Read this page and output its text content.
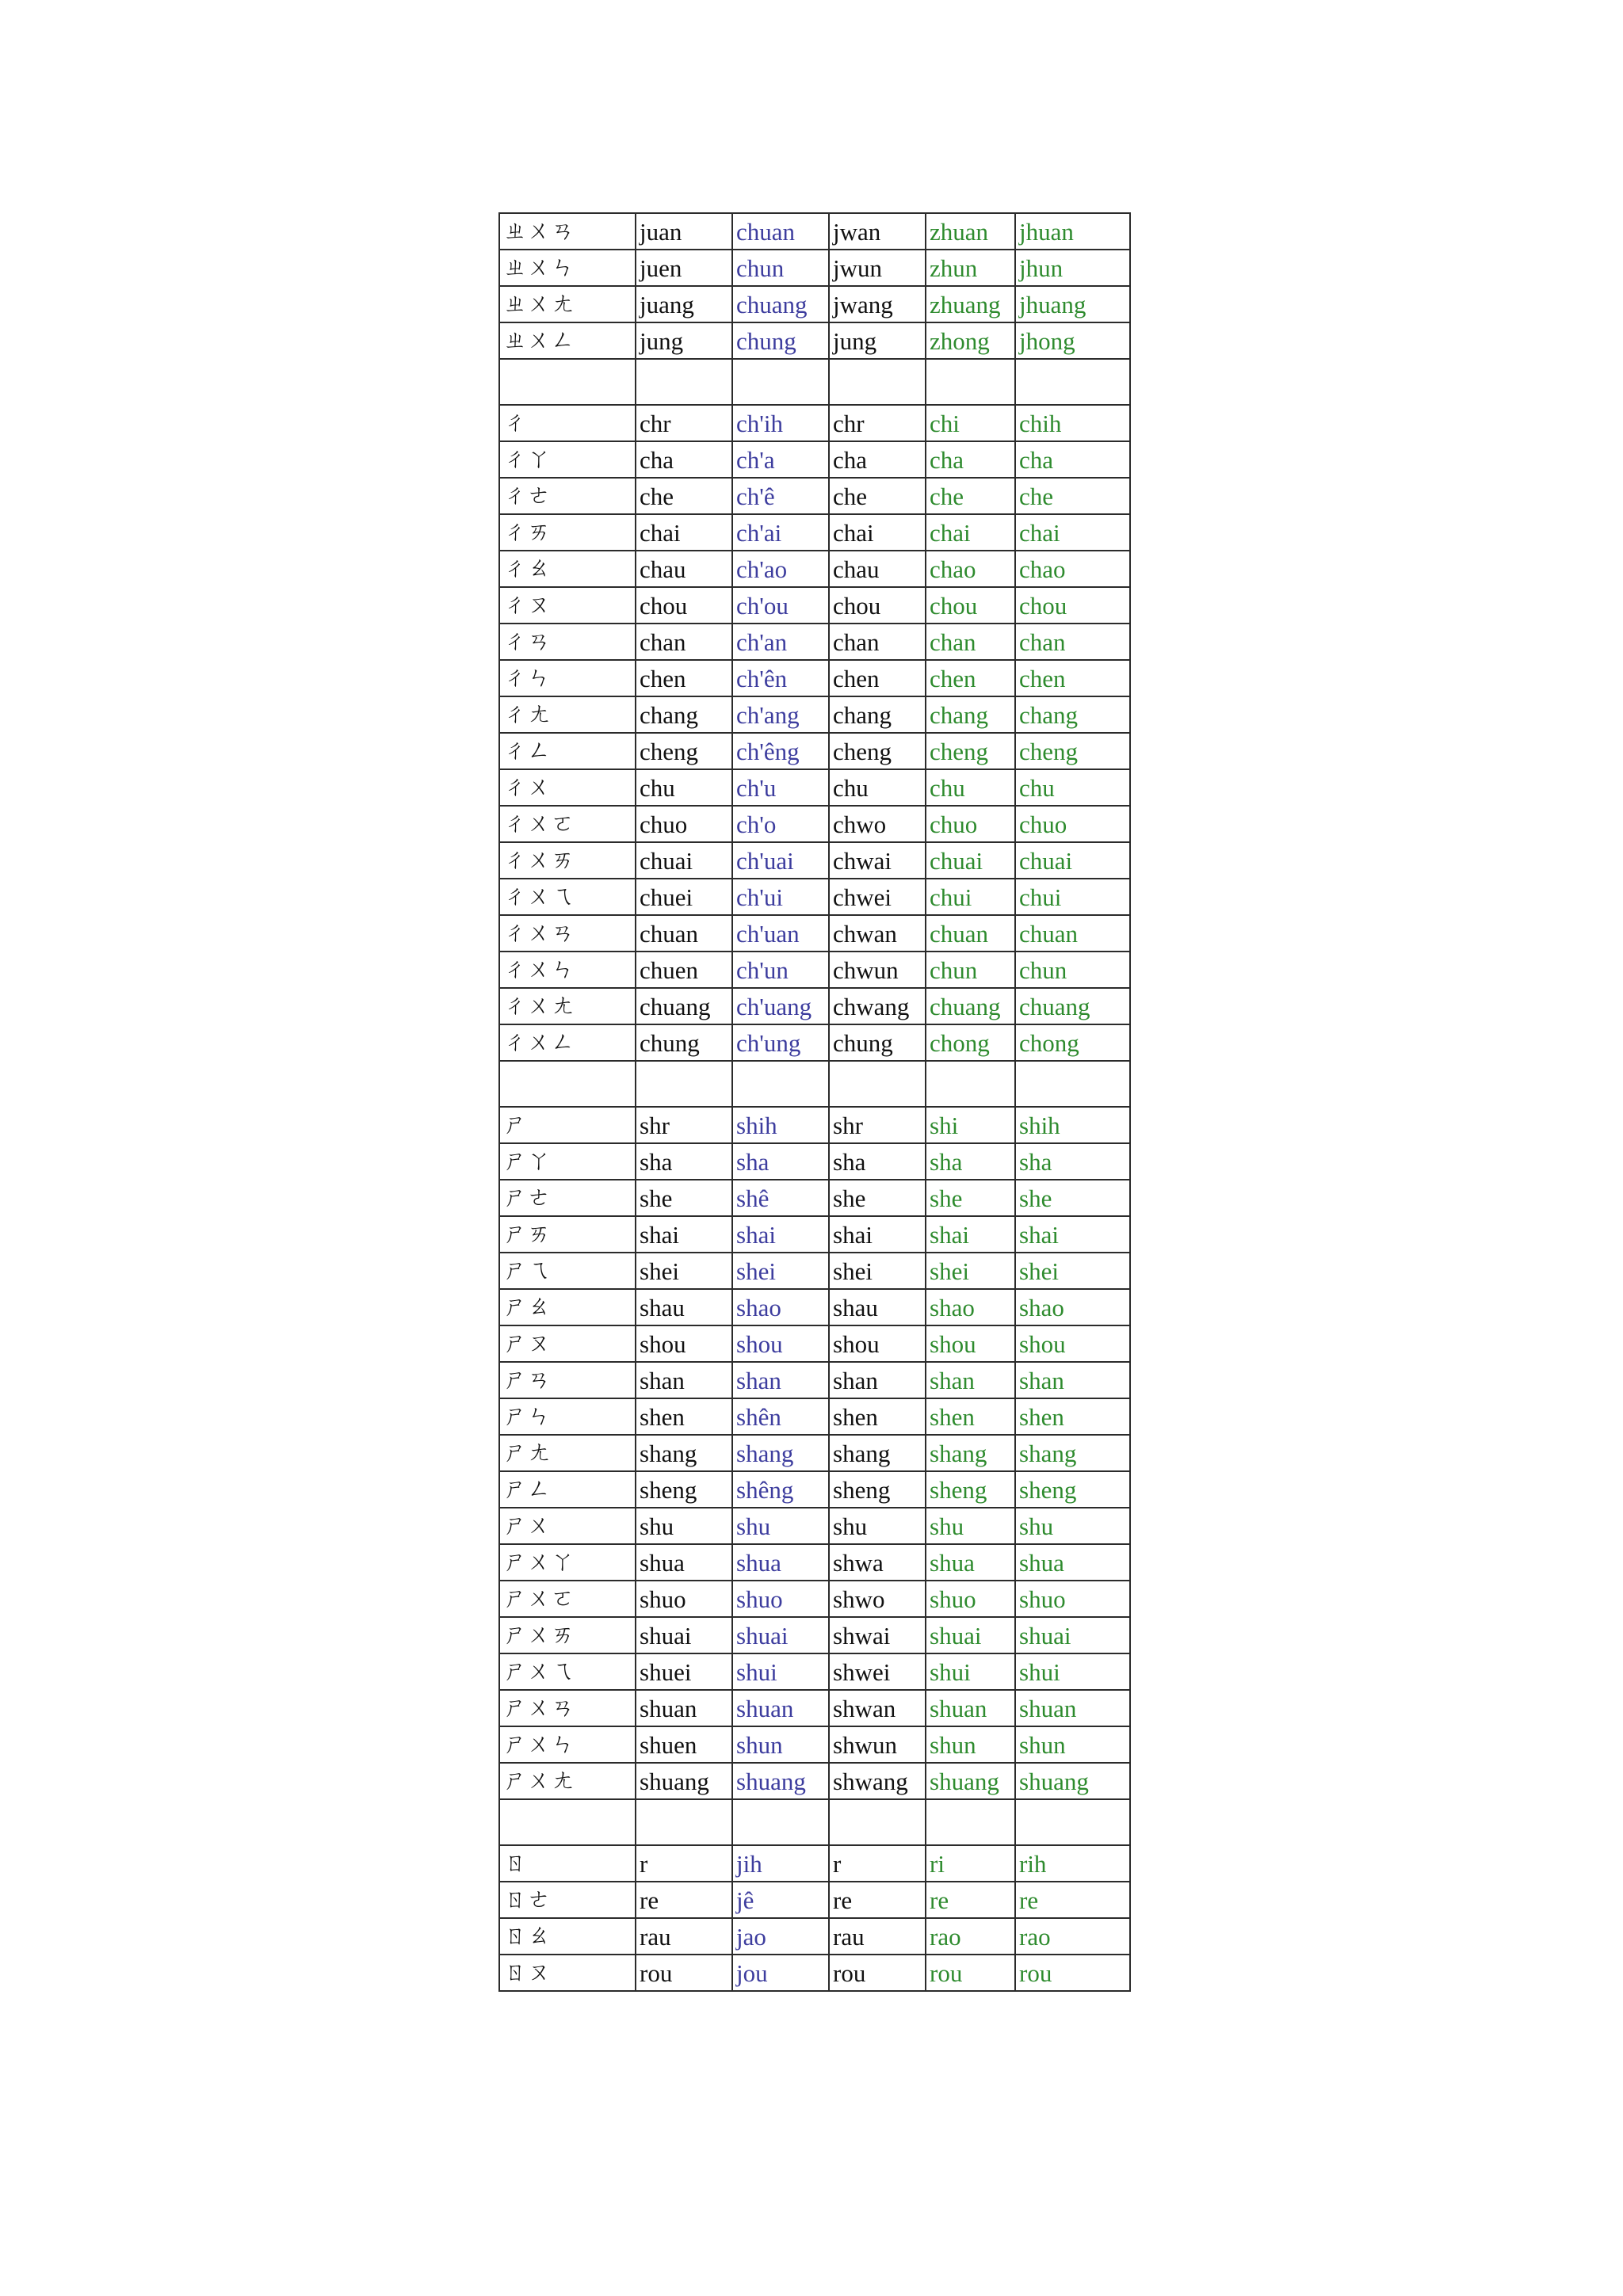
ㄓㄨㄢ	juan	chuan	jwan	zhuan	jhuan
ㄓㄨㄣ	juen	chun	jwun	zhun	jhun
ㄓㄨㄤ	juang	chuang	jwang	zhuang	jhuang
ㄓㄨㄥ	jung	chung	jung	zhong	jhong

ㄔ	chr	ch'ih	chr	chi	chih
ㄔㄚ	cha	ch'a	cha	cha	cha
ㄔㄜ	che	ch'ê	che	che	che
ㄔㄞ	chai	ch'ai	chai	chai	chai
ㄔㄠ	chau	ch'ao	chau	chao	chao
ㄔㄡ	chou	ch'ou	chou	chou	chou
ㄔㄢ	chan	ch'an	chan	chan	chan
ㄔㄣ	chen	ch'ên	chen	chen	chen
ㄔㄤ	chang	ch'ang	chang	chang	chang
ㄔㄥ	cheng	ch'êng	cheng	cheng	cheng
ㄔㄨ	chu	ch'u	chu	chu	chu
ㄔㄨㄛ	chuo	ch'o	chwo	chuo	chuo
ㄔㄨㄞ	chuai	ch'uai	chwai	chuai	chuai
ㄔㄨㄟ	chuei	ch'ui	chwei	chui	chui
ㄔㄨㄢ	chuan	ch'uan	chwan	chuan	chuan
ㄔㄨㄣ	chuen	ch'un	chwun	chun	chun
ㄔㄨㄤ	chuang	ch'uang	chwang	chuang	chuang
ㄔㄨㄥ	chung	ch'ung	chung	chong	chong

ㄕ	shr	shih	shr	shi	shih
ㄕㄚ	sha	sha	sha	sha	sha
ㄕㄜ	she	shê	she	she	she
ㄕㄞ	shai	shai	shai	shai	shai
ㄕㄟ	shei	shei	shei	shei	shei
ㄕㄠ	shau	shao	shau	shao	shao
ㄕㄡ	shou	shou	shou	shou	shou
ㄕㄢ	shan	shan	shan	shan	shan
ㄕㄣ	shen	shên	shen	shen	shen
ㄕㄤ	shang	shang	shang	shang	shang
ㄕㄥ	sheng	shêng	sheng	sheng	sheng
ㄕㄨ	shu	shu	shu	shu	shu
ㄕㄨㄚ	shua	shua	shwa	shua	shua
ㄕㄨㄛ	shuo	shuo	shwo	shuo	shuo
ㄕㄨㄞ	shuai	shuai	shwai	shuai	shuai
ㄕㄨㄟ	shuei	shui	shwei	shui	shui
ㄕㄨㄢ	shuan	shuan	shwan	shuan	shuan
ㄕㄨㄣ	shuen	shun	shwun	shun	shun
ㄕㄨㄤ	shuang	shuang	shwang	shuang	shuang

ㄖ	r	jih	r	ri	rih
ㄖㄜ	re	jê	re	re	re
ㄖㄠ	rau	jao	rau	rao	rao
ㄖㄡ	rou	jou	rou	rou	rou
